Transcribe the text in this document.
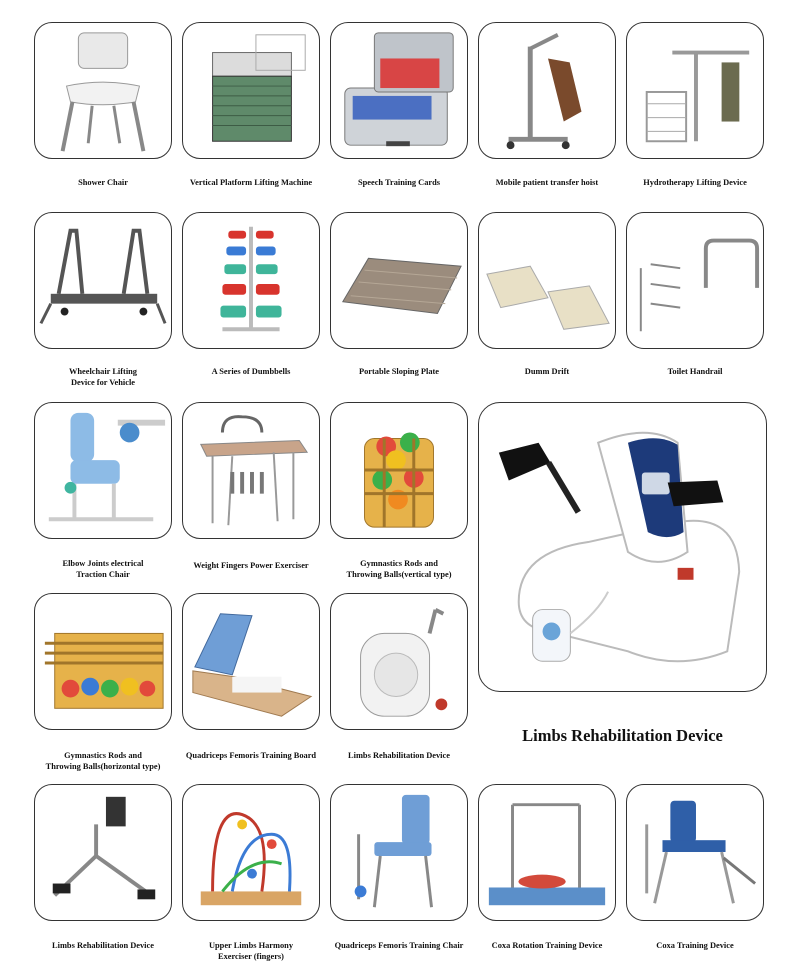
Shower Chair	Vertical Platform Lifting Machine	Speech Training Cards	Mobile patient transfer hoist	Hydrotherapy Lifting Device
Wheelchair Lifting
Device for Vehicle
A Series of Dumbbells	Portable Sloping Plate	Dumm Drift	Toilet Handrail
Elbow Joints electrical
Traction Chair
Weight Fingers Power Exerciser	Gymnastics Rods and
Throwing Balls(vertical type)
Limbs Rehabilitation Device
Gymnastics Rods and
Throwing Balls(horizontal type)
Quadriceps Femoris Training Board	Limbs Rehabilitation Device
Limbs Rehabilitation Device	Upper Limbs Harmony
Exerciser (fingers)
Quadriceps Femoris Training Chair	Coxa Rotation Training Device	Coxa Training Device
